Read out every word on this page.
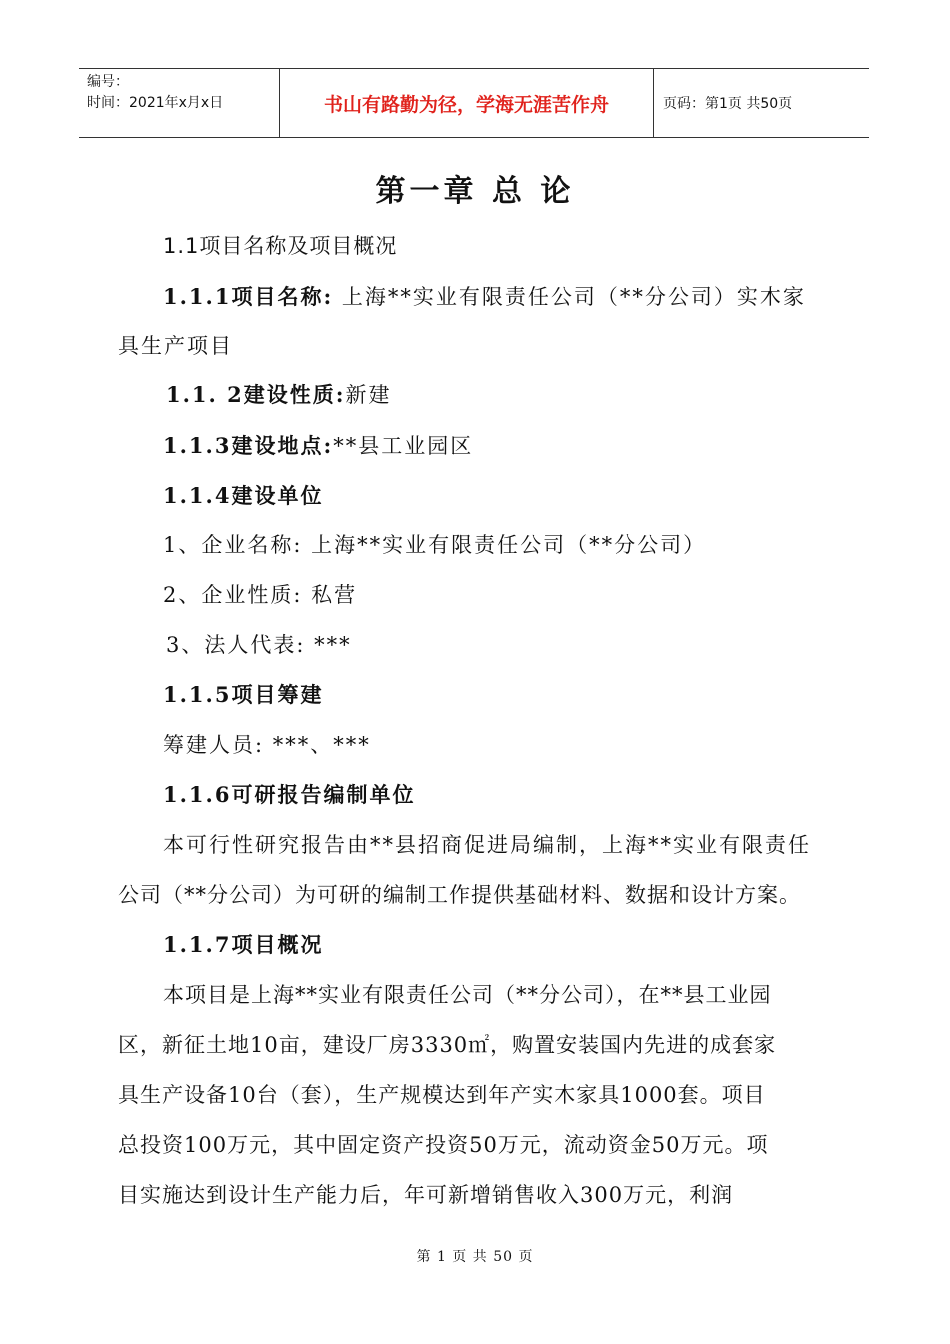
编号：
时间：2021年x月x日	书山有路勤为径，学海无涯苦作舟	页码：第1页 共50页
第一章 总 论
1.1项目名称及项目概况
1.1.1项目名称: 上海**实业有限责任公司（**分公司）实木家
具生产项目
1.1. 2建设性质:新建
1.1.3建设地点:**县工业园区
1.1.4建设单位
1、企业名称: 上海**实业有限责任公司（**分公司）
2、企业性质: 私营
3、法人代表: ***
1.1.5项目筹建
筹建人员: ***、***
1.1.6可研报告编制单位
本可行性研究报告由**县招商促进局编制，上海**实业有限责任
公司（**分公司）为可研的编制工作提供基础材料、数据和设计方案。
1.1.7项目概况
本项目是上海**实业有限责任公司（**分公司），在**县工业园
区，新征土地10亩，建设厂房3330㎡，购置安装国内先进的成套家
具生产设备10台（套），生产规模达到年产实木家具1000套。项目
总投资100万元，其中固定资产投资50万元，流动资金50万元。项
目实施达到设计生产能力后，年可新增销售收入300万元，利润
第 1 页 共 50 页
